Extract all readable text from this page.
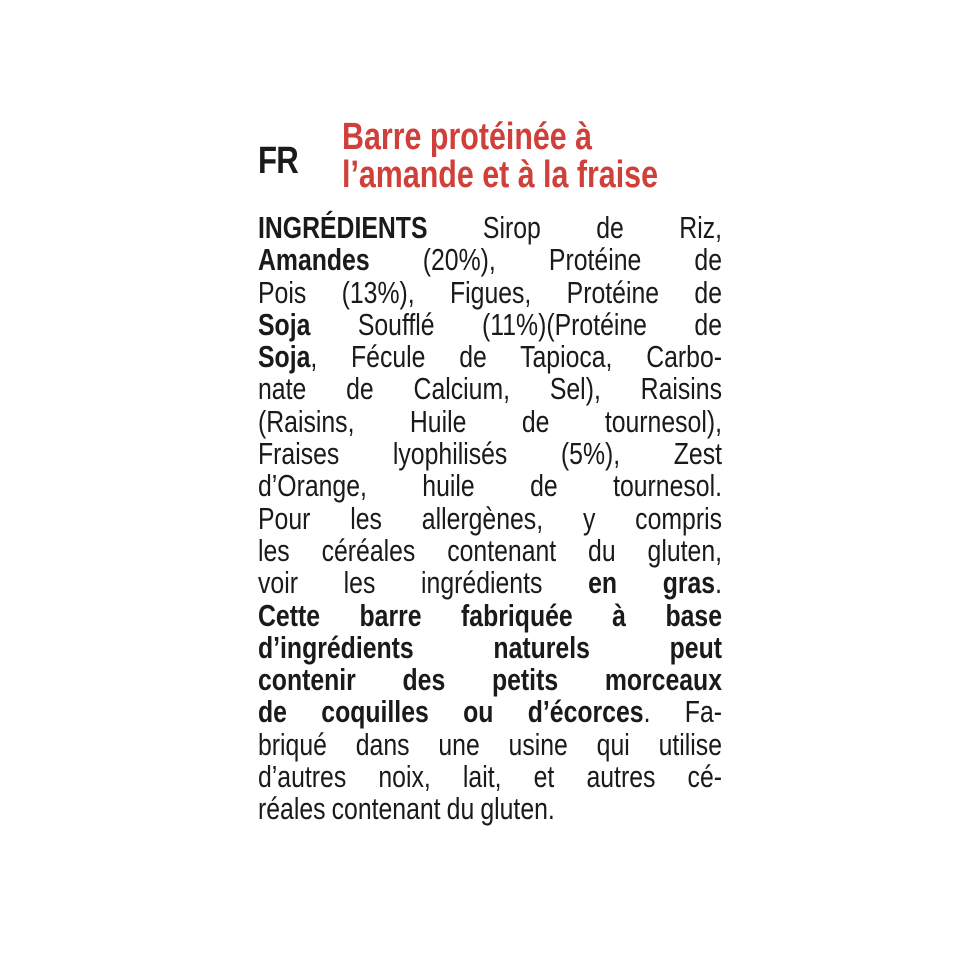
FR
Barre protéinée à
l’amande et à la fraise
INGRÉDIENTS Sirop de Riz,
Amandes (20%), Protéine de
Pois (13%), Figues, Protéine de
Soja Soufflé (11%)(Protéine de
Soja, Fécule de Tapioca, Carbo-
nate de Calcium, Sel), Raisins
(Raisins, Huile de tournesol),
Fraises lyophilisés (5%), Zest
d’Orange, huile de tournesol.
Pour les allergènes, y compris
les céréales contenant du gluten,
voir les ingrédients en gras.
Cette barre fabriquée à base
d’ingrédients naturels peut
contenir des petits morceaux
de coquilles ou d’écorces. Fa-
briqué dans une usine qui utilise
d’autres noix, lait, et autres cé-
réales contenant du gluten.
